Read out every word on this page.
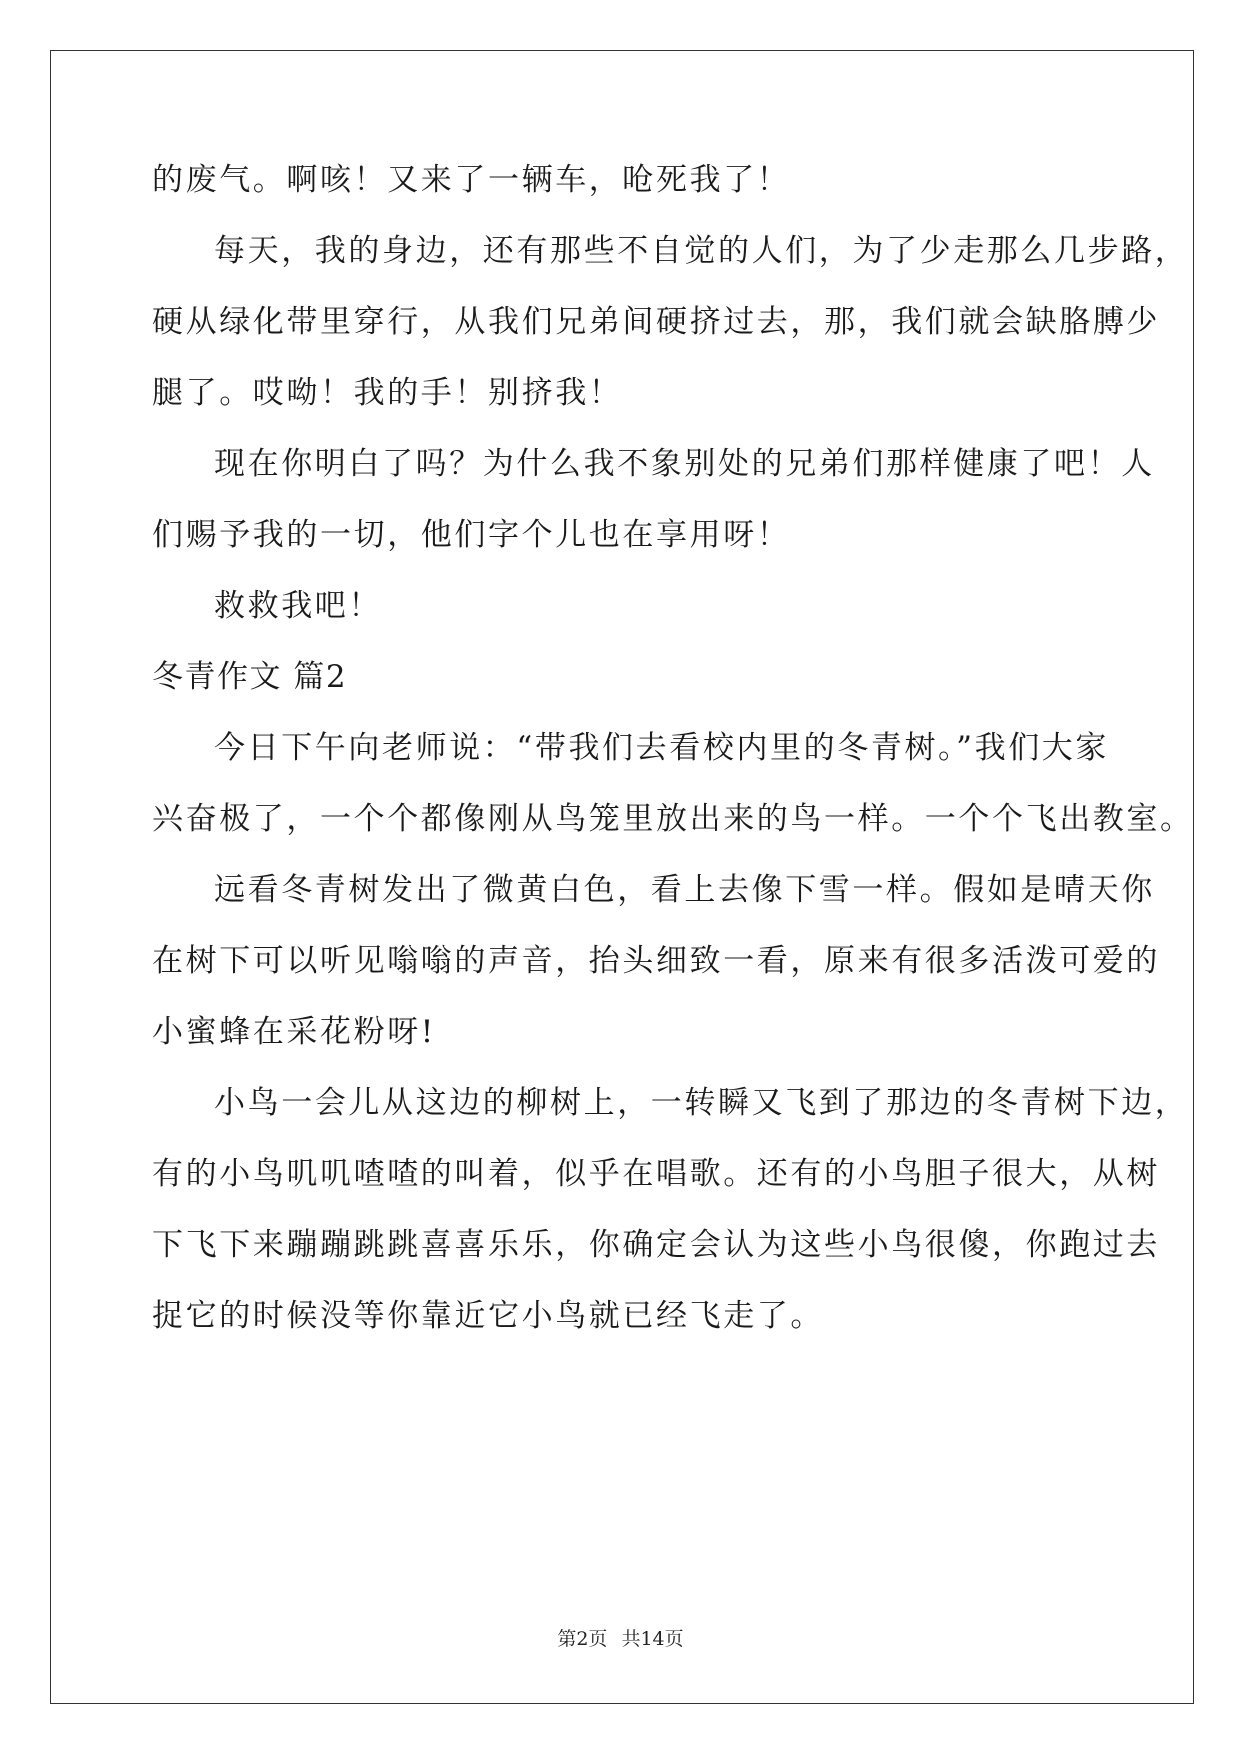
的废气。啊咳！又来了一辆车，呛死我了！
每天，我的身边，还有那些不自觉的人们，为了少走那么几步路，
硬从绿化带里穿行，从我们兄弟间硬挤过去，那，我们就会缺胳膊少
腿了。哎呦！我的手！别挤我！
现在你明白了吗？为什么我不象别处的兄弟们那样健康了吧！人
们赐予我的一切，他们字个儿也在享用呀！
救救我吧！
冬青作文 篇2
今日下午向老师说：“带我们去看校内里的冬青树。”我们大家
兴奋极了，一个个都像刚从鸟笼里放出来的鸟一样。一个个飞出教室。
远看冬青树发出了微黄白色，看上去像下雪一样。假如是晴天你
在树下可以听见嗡嗡的声音，抬头细致一看，原来有很多活泼可爱的
小蜜蜂在采花粉呀!
小鸟一会儿从这边的柳树上，一转瞬又飞到了那边的冬青树下边，
有的小鸟叽叽喳喳的叫着，似乎在唱歌。还有的小鸟胆子很大，从树
下飞下来蹦蹦跳跳喜喜乐乐，你确定会认为这些小鸟很傻，你跑过去
捉它的时候没等你靠近它小鸟就已经飞走了。
第2页 共14页
